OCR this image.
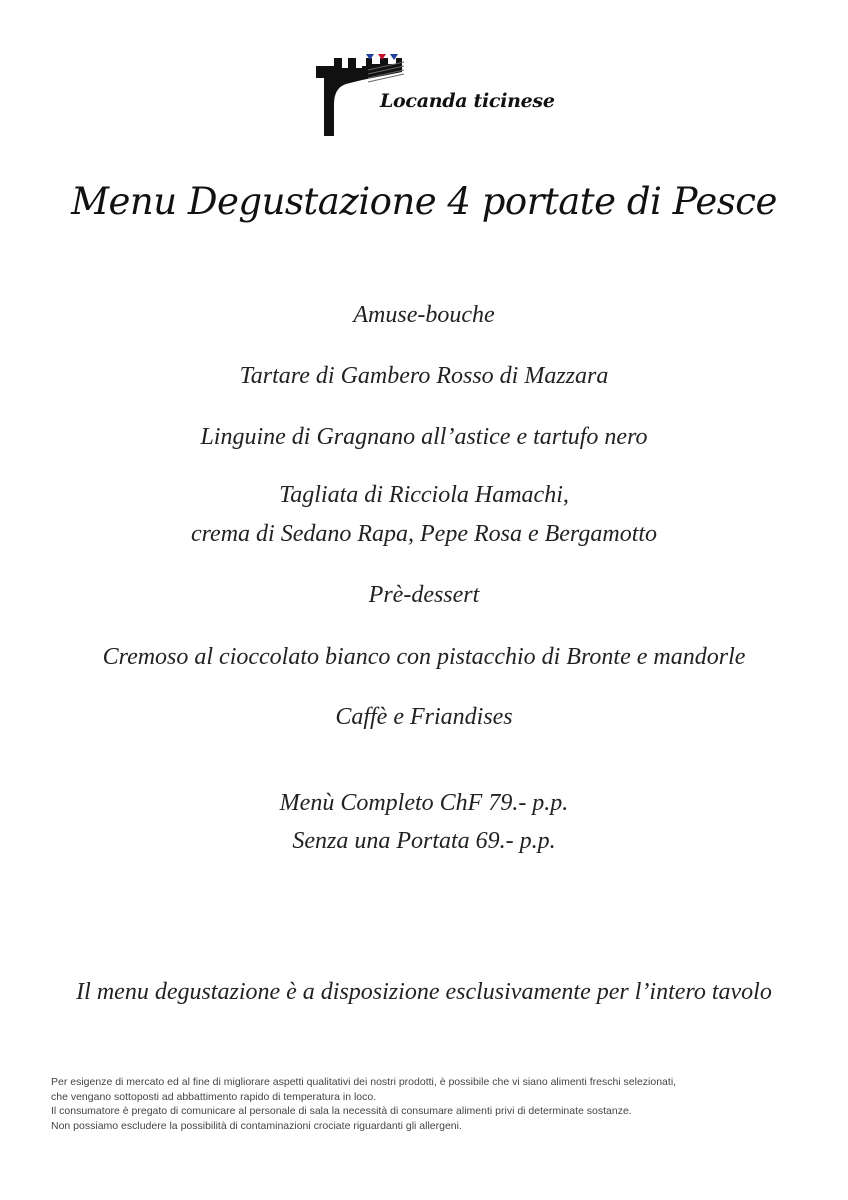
Locanda ticinese
Menu Degustazione 4 portate di Pesce
Amuse-bouche
Tartare di Gambero Rosso di Mazzara
Linguine di Gragnano all’astice e tartufo nero
Tagliata di Ricciola Hamachi,
crema di Sedano Rapa, Pepe Rosa e Bergamotto
Prè-dessert
Cremoso al cioccolato bianco con pistacchio di Bronte e mandorle
Caffè e Friandises
Menù Completo ChF 79.- p.p.
Senza una Portata 69.- p.p.
Il menu degustazione è a disposizione esclusivamente per l’intero tavolo
Per esigenze di mercato ed al fine di migliorare aspetti qualitativi dei nostri prodotti, è possibile che vi siano alimenti freschi selezionati,
che vengano sottoposti ad abbattimento rapido di temperatura in loco.
Il consumatore è pregato di comunicare al personale di sala la necessità di consumare alimenti privi di determinate sostanze.
Non possiamo escludere la possibilità di contaminazioni crociate riguardanti gli allergeni.
